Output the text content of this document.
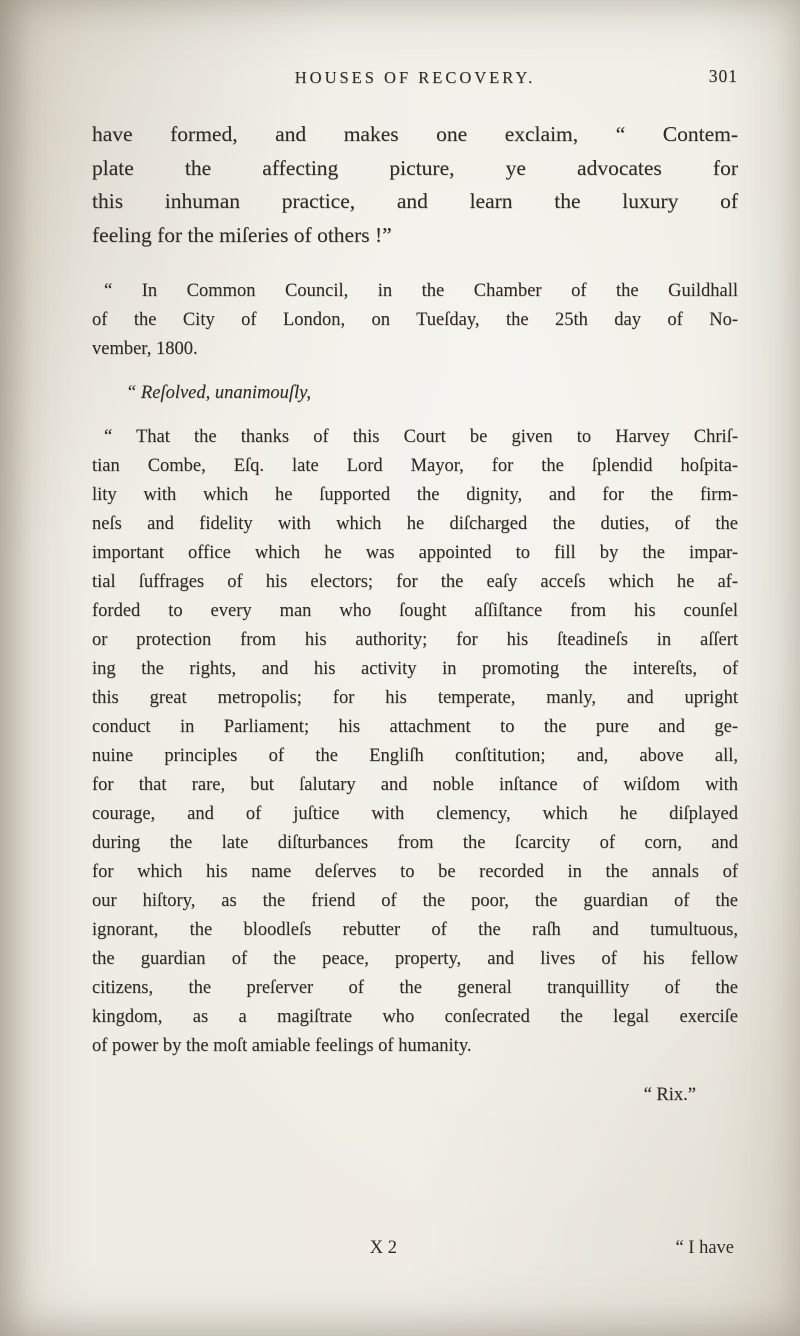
HOUSES OF RECOVERY.	301
have formed, and makes one exclaim, “ Contem-
plate the affecting picture, ye advocates for
this inhuman practice, and learn the luxury of
feeling for the miſeries of others !”
“ In Common Council, in the Chamber of the Guildhall
of the City of London, on Tueſday, the 25th day of No-
vember, 1800.
“ Reſolved, unanimouſly,
“ That the thanks of this Court be given to Harvey Chriſ-
tian Combe, Eſq. late Lord Mayor, for the ſplendid hoſpita-
lity with which he ſupported the dignity, and for the firm-
neſs and fidelity with which he diſcharged the duties, of the
important office which he was appointed to fill by the impar-
tial ſuffrages of his electors; for the eaſy acceſs which he af-
forded to every man who ſought aſſiſtance from his counſel
or protection from his authority; for his ſteadineſs in aſſert
ing the rights, and his activity in promoting the intereſts, of
this great metropolis; for his temperate, manly, and upright
conduct in Parliament; his attachment to the pure and ge-
nuine principles of the Engliſh conſtitution; and, above all,
for that rare, but ſalutary and noble inſtance of wiſdom with
courage, and of juſtice with clemency, which he diſplayed
during the late diſturbances from the ſcarcity of corn, and
for which his name deſerves to be recorded in the annals of
our hiſtory, as the friend of the poor, the guardian of the
ignorant, the bloodleſs rebutter of the raſh and tumultuous,
the guardian of the peace, property, and lives of his fellow
citizens, the preſerver of the general tranquillity of the
kingdom, as a magiſtrate who conſecrated the legal exerciſe
of power by the moſt amiable feelings of humanity.
“ Rix.”
X 2	“ I have
